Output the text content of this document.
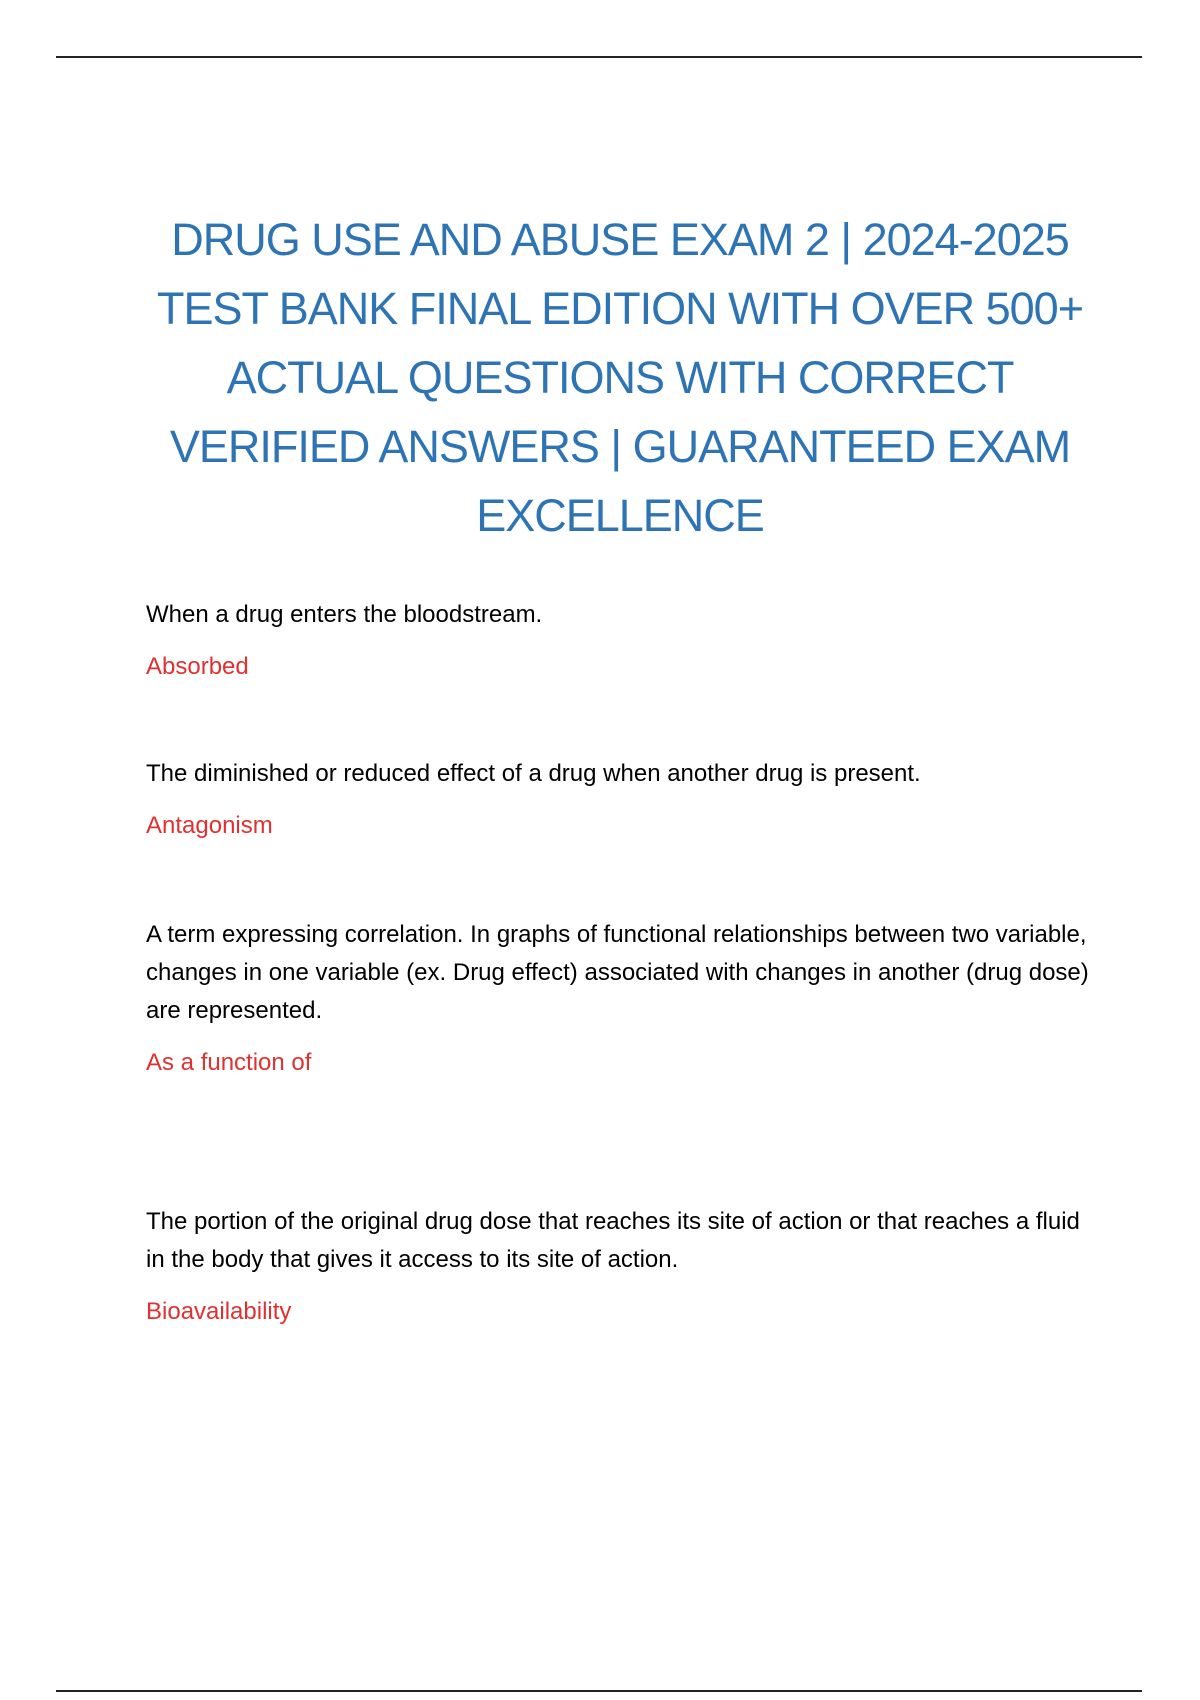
DRUG USE AND ABUSE EXAM 2 | 2024-2025
TEST BANK FINAL EDITION WITH OVER 500+
ACTUAL QUESTIONS WITH CORRECT
VERIFIED ANSWERS | GUARANTEED EXAM
EXCELLENCE

When a drug enters the bloodstream.

Absorbed

The diminished or reduced effect of a drug when another drug is present.

Antagonism

A term expressing correlation. In graphs of functional relationships between two variable, changes in one variable (ex. Drug effect) associated with changes in another (drug dose) are represented.

As a function of

The portion of the original drug dose that reaches its site of action or that reaches a fluid in the body that gives it access to its site of action.

Bioavailability
